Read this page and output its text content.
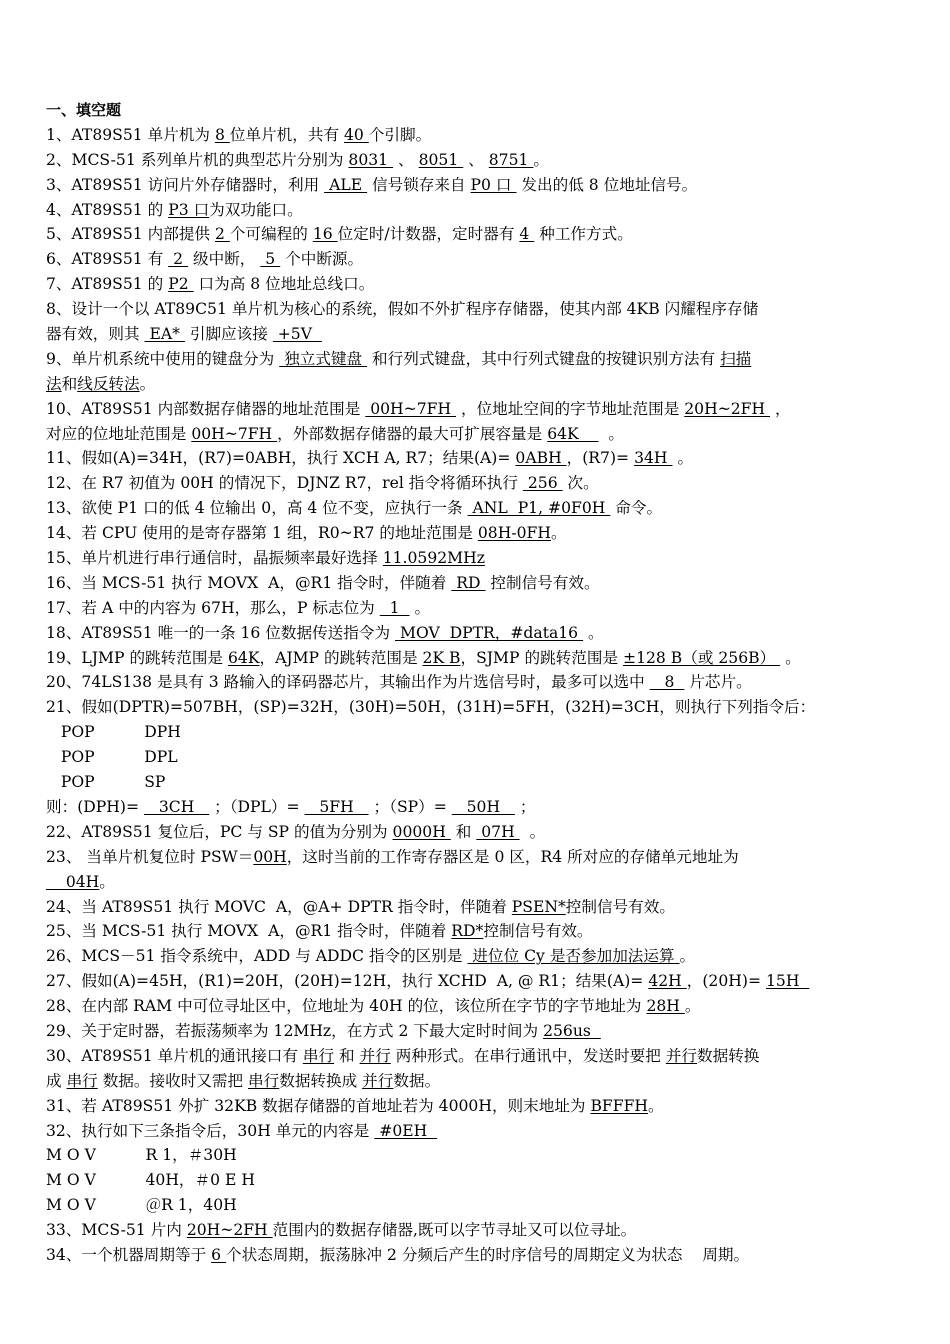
一、填空题
1、AT89S51 单片机为 8 位单片机，共有 40 个引脚。
2、MCS-51 系列单片机的典型芯片分别为 8031  、 8051  、 8751 。
3、AT89S51 访问片外存储器时，利用  ALE  信号锁存来自 P0 口  发出的低 8 位地址信号。
4、AT89S51 的 P3 口为双功能口。
5、AT89S51 内部提供 2 个可编程的 16 位定时/计数器，定时器有 4  种工作方式。
6、AT89S51 有  2  级中断，  5  个中断源。
7、AT89S51 的 P2  口为高 8 位地址总线口。
8、设计一个以 AT89C51 单片机为核心的系统，假如不外扩程序存储器，使其内部 4KB 闪耀程序存储
器有效，则其  EA*  引脚应该接  +5V
9、单片机系统中使用的键盘分为  独立式键盘  和行列式键盘，其中行列式键盘的按键识别方法有 扫描
法和线反转法。
10、AT89S51 内部数据存储器的地址范围是  00H~7FH  ，位地址空间的字节地址范围是 20H~2FH  ，
对应的位地址范围是 00H~7FH ，外部数据存储器的最大可扩展容量是 64K      。
11、假如(A)=34H，(R7)=0ABH，执行 XCH A, R7；结果(A)= 0ABH ，(R7)= 34H  。
12、在 R7 初值为 00H 的情况下，DJNZ R7，rel 指令将循环执行  256  次。
13、欲使 P1 口的低 4 位输出 0，高 4 位不变，应执行一条  ANL  P1, #0F0H  命令。
14、若 CPU 使用的是寄存器第 1 组，R0~R7 的地址范围是 08H-0FH。
15、单片机进行串行通信时，晶振频率最好选择 11.0592MHz
16、当 MCS-51 执行 MOVX  A，@R1 指令时，伴随着  RD  控制信号有效。
17、若 A 中的内容为 67H，那么，P 标志位为   1   。
18、AT89S51 唯一的一条 16 位数据传送指令为  MOV  DPTR，#data16  。
19、LJMP 的跳转范围是 64K，AJMP 的跳转范围是 2K B，SJMP 的跳转范围是 ±128 B（或 256B）  。
20、74LS138 是具有 3 路输入的译码器芯片，其输出作为片选信号时，最多可以选中    8   片芯片。
21、假如(DPTR)=507BH，(SP)=32H，(30H)=50H，(31H)=5FH，(32H)=3CH，则执行下列指令后：
POP          DPH
POP          DPL
POP          SP
则：(DPH)=    3CH    ；（DPL）=    5FH    ；（SP）=    50H    ；
22、AT89S51 复位后，PC 与 SP 的值为分别为 0000H  和  07H   。
23、 当单片机复位时 PSW＝00H，这时当前的工作寄存器区是 0 区，R4 所对应的存储单元地址为
04H。
24、当 AT89S51 执行 MOVC  A，@A+ DPTR 指令时，伴随着 PSEN*控制信号有效。
25、当 MCS-51 执行 MOVX  A，@R1 指令时，伴随着 RD*控制信号有效。
26、MCS－51 指令系统中，ADD 与 ADDC 指令的区别是  进位位 Cy 是否参加加法运算 。
27、假如(A)=45H，(R1)=20H，(20H)=12H，执行 XCHD  A, @ R1；结果(A)= 42H ，(20H)= 15H
28、在内部 RAM 中可位寻址区中，位地址为 40H 的位，该位所在字节的字节地址为 28H 。
29、关于定时器，若振荡频率为 12MHz，在方式 2 下最大定时时间为 256us
30、AT89S51 单片机的通讯接口有 串行 和 并行 两种形式。在串行通讯中，发送时要把 并行数据转换
成 串行 数据。接收时又需把 串行数据转换成 并行数据。
31、若 AT89S51 外扩 32KB 数据存储器的首地址若为 4000H，则末地址为 BFFFH。
32、执行如下三条指令后，30H 单元的内容是  #0EH
M O V          R 1，＃30H
M O V          40H，＃0 E H
M O V          ＠R 1，40H
33、MCS-51 片内 20H~2FH 范围内的数据存储器,既可以字节寻址又可以位寻址。
34、一个机器周期等于 6 个状态周期，振荡脉冲 2 分频后产生的时序信号的周期定义为状态    周期。
